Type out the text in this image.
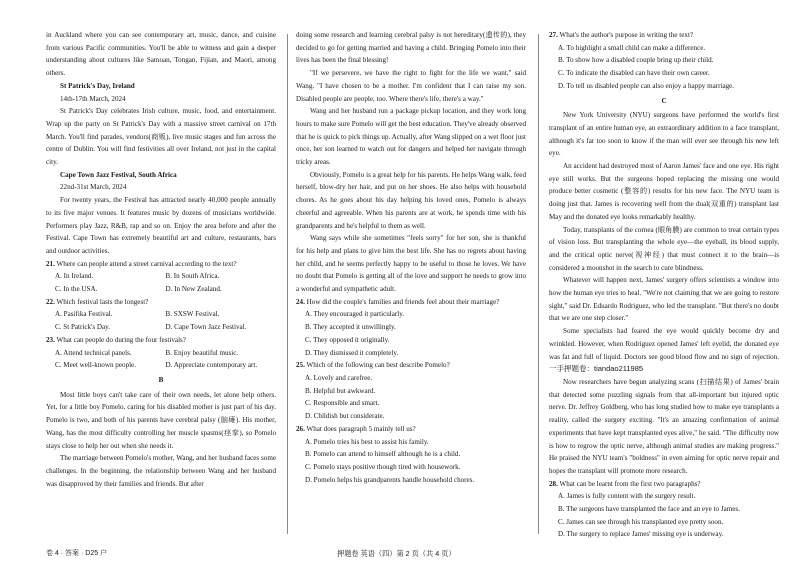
in Auckland where you can see contemporary art, music, dance, and cuisine from various Pacific communities. You'll be able to witness and gain a deeper understanding about cultures like Samoan, Tongan, Fijian, and Maori, among others.

St Patrick's Day, Ireland

14th-17th March, 2024

St Patrick's Day celebrates Irish culture, music, food, and entertainment. Wrap up the party on St Patrick's Day with a massive street carnival on 17th March. You'll find parades, vendors(商贩), live music stages and fun across the centre of Dublin. You will find festivities all over Ireland, not just in the capital city.

Cape Town Jazz Festival, South Africa

22nd-31st March, 2024

For twenty years, the Festival has attracted nearly 40,000 people annually to its five major venues. It features music by dozens of musicians worldwide. Performers play Jazz, R&B, rap and so on. Enjoy the area before and after the Festival. Cape Town has extremely beautiful art and culture, restaurants, bars and outdoor activities.

21. Where can people attend a street carnival according to the text?

A. In Ireland.	B. In South Africa.
C. In the USA.	D. In New Zealand.

22. Which festival lasts the longest?

A. Pasifika Festival.	B. SXSW Festival.
C. St Patrick's Day.	D. Cape Town Jazz Festival.

23. What can people do during the four festivals?

A. Attend technical panels.	B. Enjoy beautiful music.
C. Meet well-known people.	D. Appreciate contemporary art.

B

Most little boys can't take care of their own needs, let alone help others. Yet, for a little boy Pomelo, caring for his disabled mother is just part of his day. Pomelo is two, and both of his parents have cerebral palsy (脑瘫). His mother, Wang, has the most difficulty controlling her muscle spasms(痉挛), so Pomelo stays close to help her out when she needs it.

The marriage between Pomelo's mother, Wang, and her husband faces some challenges. In the beginning, the relationship between Wang and her husband was disapproved by their families and friends. But after

doing some research and learning cerebral palsy is not hereditary(遗传的), they decided to go for getting married and having a child. Bringing Pomelo into their lives has been the final blessing!

"If we persevere, we have the right to fight for the life we want," said Wang. "I have chosen to be a mother. I'm confident that I can raise my son. Disabled people are people, too. Where there's life, there's a way."

Wang and her husband run a package pickup location, and they work long hours to make sure Pomelo will get the best education. They've already observed that he is quick to pick things up. Actually, after Wang slipped on a wet floor just once, her son learned to watch out for dangers and helped her navigate through tricky areas.

Obviously, Pomelo is a great help for his parents. He helps Wang walk, feed herself, blow-dry her hair, and put on her shoes. He also helps with household chores. As he goes about his day helping his loved ones, Pomelo is always cheerful and agreeable. When his parents are at work, he spends time with his grandparents and he's helpful to them as well.

Wang says while she sometimes "feels sorry" for her son, she is thankful for his help and plans to give him the best life. She has no regrets about having her child, and he seems perfectly happy to be useful to those he loves. We have no doubt that Pomelo is getting all of the love and support he needs to grow into a wonderful and sympathetic adult.

24. How did the couple's families and friends feel about their marriage?

A. They encouraged it particularly.

B. They accepted it unwillingly.

C. They opposed it originally.

D. They dismissed it completely.

25. Which of the following can best describe Pomelo?

A. Lovely and carefree.

B. Helpful but awkward.

C. Responsible and smart.

D. Childish but considerate.

26. What does paragraph 5 mainly tell us?

A. Pomelo tries his best to assist his family.

B. Pomelo can attend to himself although he is a child.

C. Pomelo stays positive though tired with housework.

D. Pomelo helps his grandparents handle household chores.

27. What's the author's purpose in writing the text?

A. To highlight a small child can make a difference.

B. To show how a disabled couple bring up their child.

C. To indicate the disabled can have their own career.

D. To tell us disabled people can also enjoy a happy marriage.

C

New York University (NYU) surgeons have performed the world's first transplant of an entire human eye, an extraordinary addition to a face transplant, although it's far too soon to know if the man will ever see through his new left eye.

An accident had destroyed most of Aaron James' face and one eye. His right eye still works. But the surgeons hoped replacing the missing one would produce better cosmetic (整容的) results for his new face. The NYU team is doing just that. James is recovering well from the dual(双重的) transplant last May and the donated eye looks remarkably healthy.

Today, transplants of the cornea (眼角膜) are common to treat certain types of vision loss. But transplanting the whole eye—the eyeball, its blood supply, and the critical optic nerve(视神经) that must connect it to the brain—is considered a moonshot in the search to cure blindness.

Whatever will happen next, James' surgery offers scientists a window into how the human eye tries to heal. "We're not claiming that we are going to restore sight," said Dr. Eduardo Rodriguez, who led the transplant. "But there's no doubt that we are one step closer."

Some specialists had feared the eye would quickly become dry and wrinkled. However, when Rodriguez opened James' left eyelid, the donated eye was fat and full of liquid. Doctors see good blood flow and no sign of rejection. 一手押题卷：tiandao211985

Now researchers have begun analyzing scans (扫描结果) of James' brain that detected some puzzling signals from that all-important but injured optic nerve. Dr. Jeffrey Goldberg, who has long studied how to make eye transplants a reality, called the surgery exciting. "It's an amazing confirmation of animal experiments that have kept transplanted eyes alive," he said. "The difficulty now is how to regrow the optic nerve, although animal studies are making progress." He praised the NYU team's "boldness" in even aiming for optic nerve repair and hopes the transplant will promote more research.

28. What can be learnt from the first two paragraphs?

A. James is fully content with the surgery result.

B. The surgeons have transplanted the face and an eye to James.

C. James can see through his transplanted eye pretty soon.

D. The surgery to replace James' missing eye is underway.

卷 4 · 答案 · D25 户	押题卷 英语（四）第 2 页（共 4 页）
